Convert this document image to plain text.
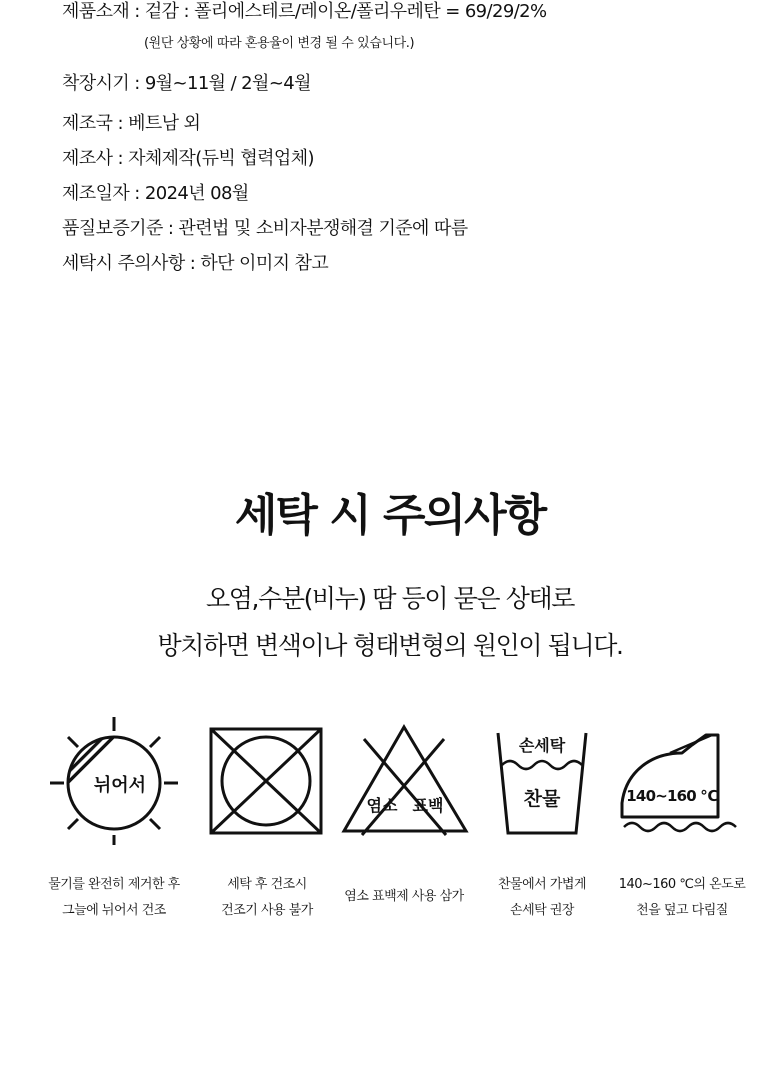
제품소재 : 겉감 : 폴리에스테르/레이온/폴리우레탄 = 69/29/2%
(원단 상황에 따라 혼용율이 변경 될 수 있습니다.)
착장시기 : 9월~11월 / 2월~4월
제조국 : 베트남 외
제조사 : 자체제작(듀빅 협력업체)
제조일자 : 2024년 08월
품질보증기준 : 관련법 및 소비자분쟁해결 기준에 따름
세탁시 주의사항 : 하단 이미지 참고
세탁 시 주의사항
오염,수분(비누) 땀 등이 묻은 상태로
방치하면 변색이나 형태변형의 원인이 됩니다.
뉘어서
염소 표백
손세탁
찬물	140~160 ℃
물기를 완전히 제거한 후
그늘에 뉘어서 건조
세탁 후 건조시
건조기 사용 불가
염소 표백제 사용 삼가
찬물에서 가볍게
손세탁 권장
140~160 ℃의 온도로
천을 덮고 다림질
